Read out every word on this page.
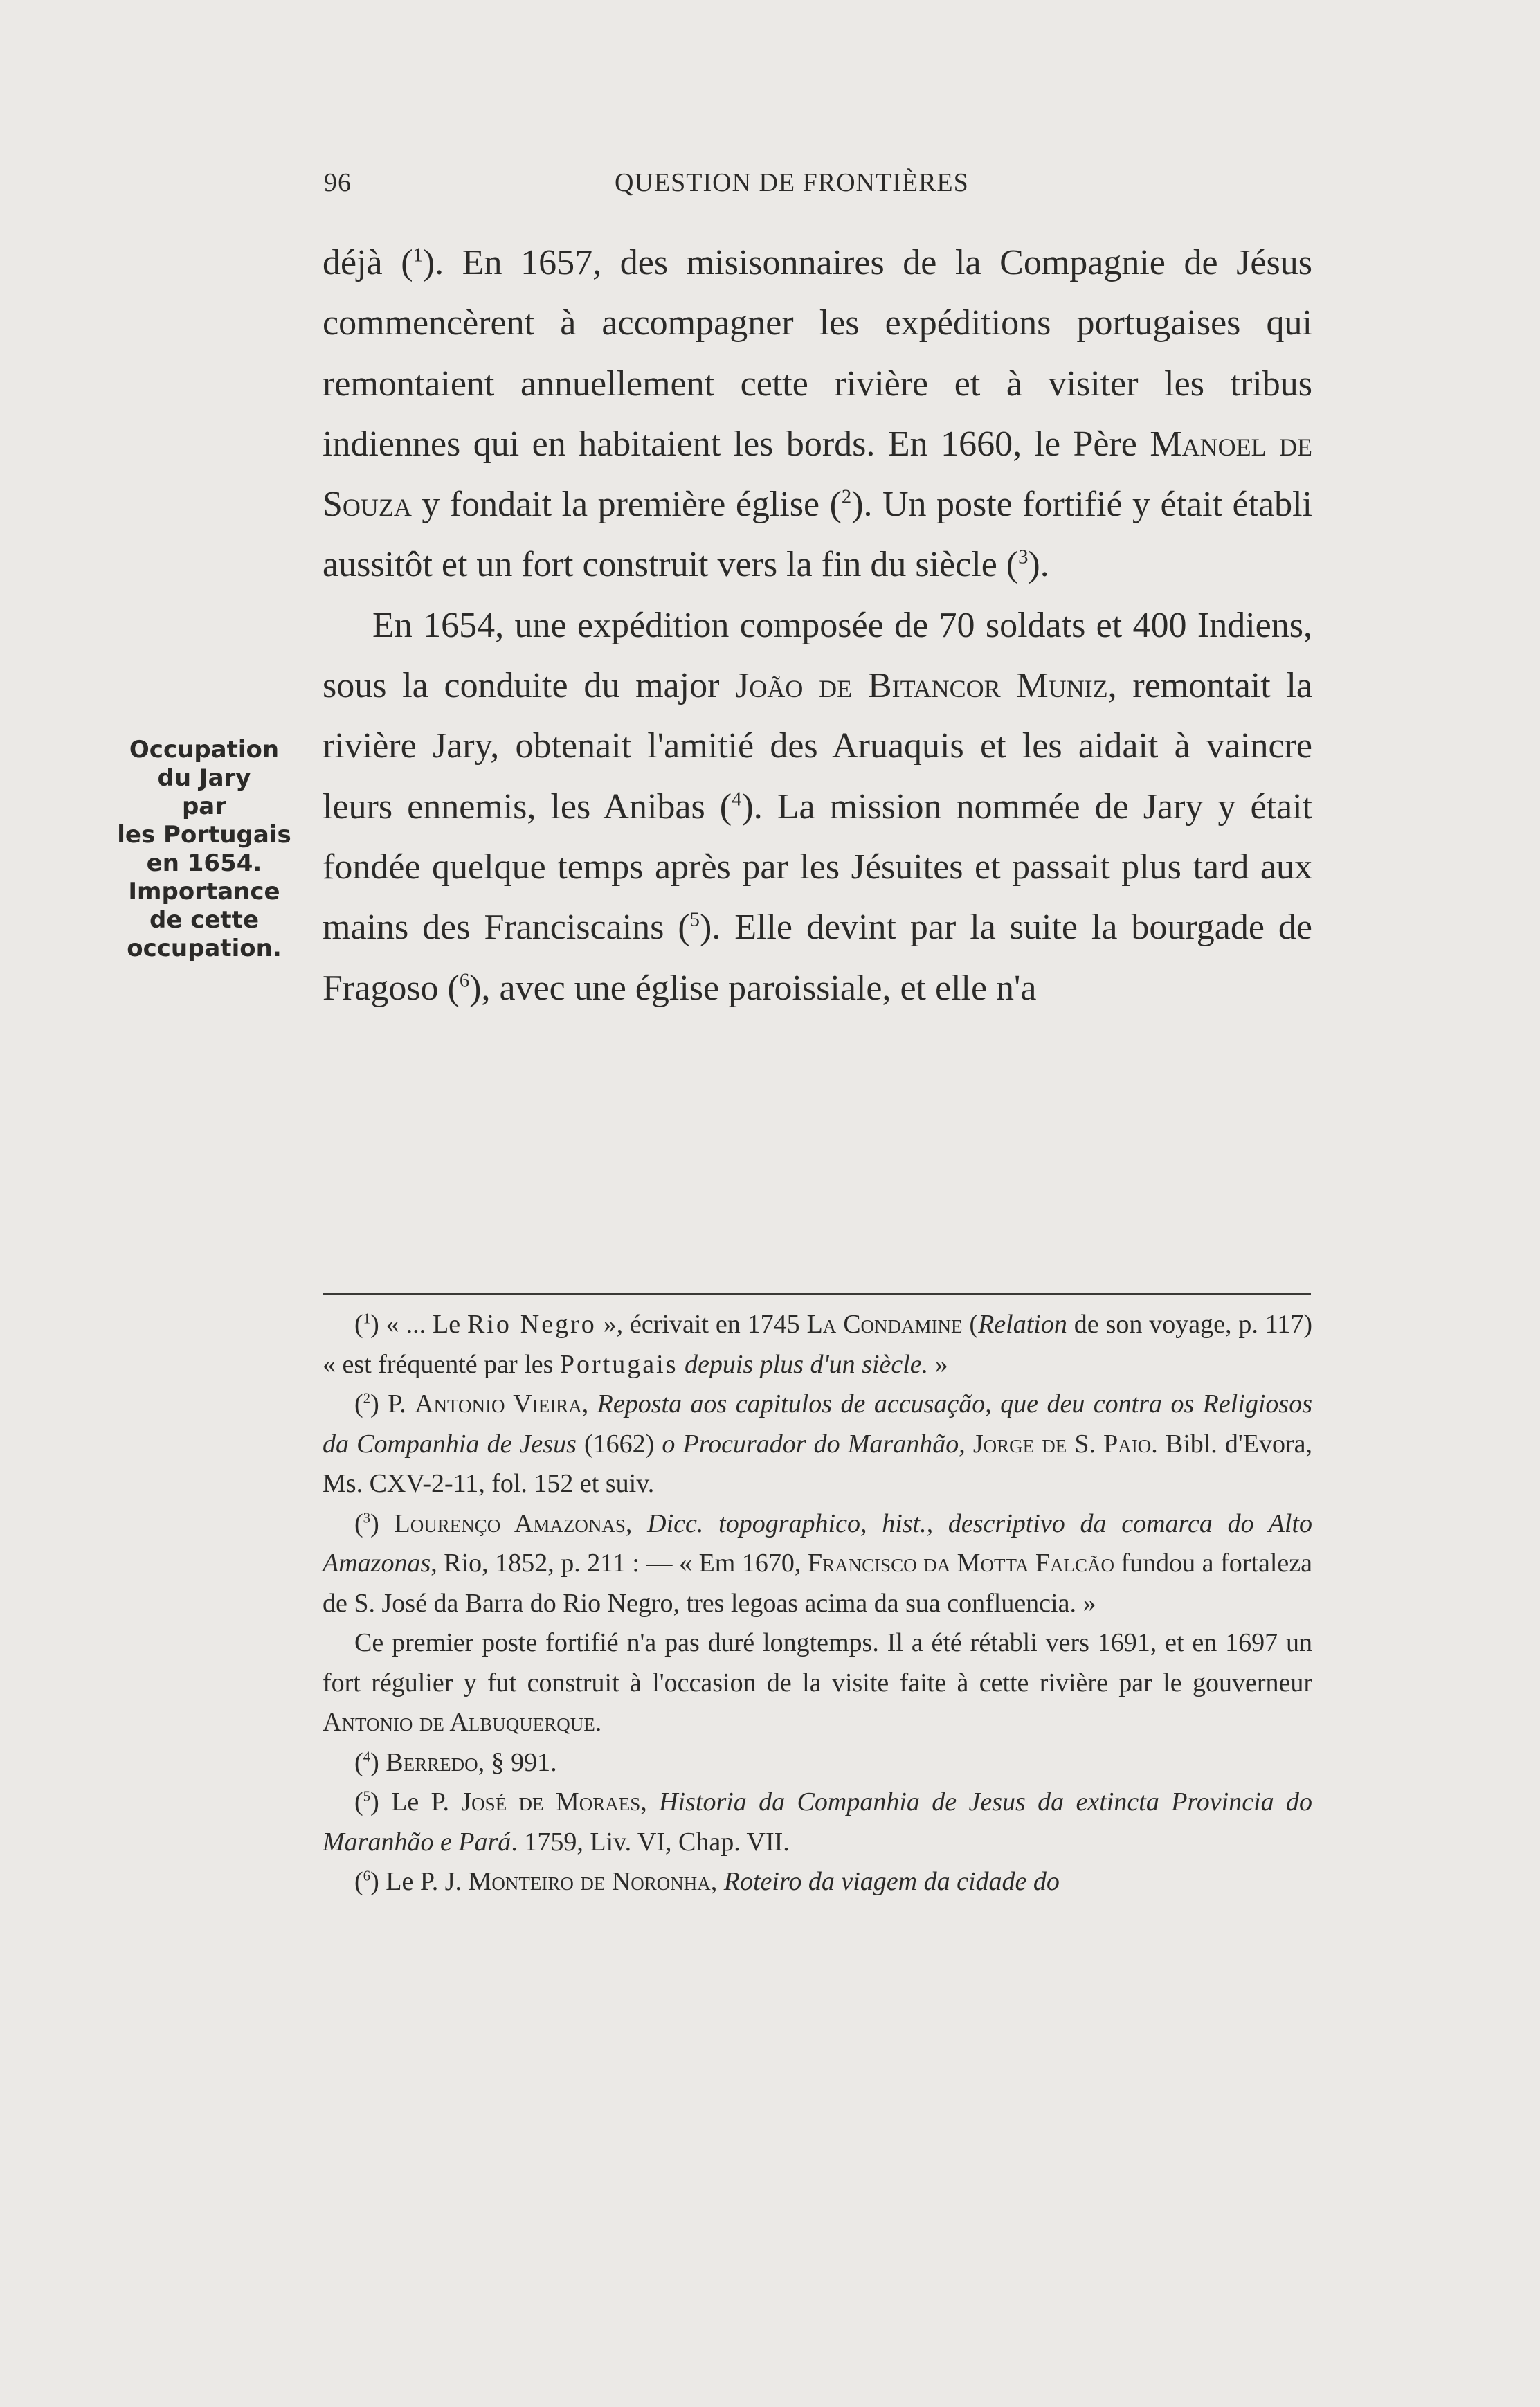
96	QUESTION DE FRONTIÈRES
Occupation
du Jary
par
les Portugais
en 1654.
Importance
de cette
occupation.

déjà ($^1$). En 1657, des misisonnaires de la Compagnie de Jésus commencèrent à accompagner les expéditions portugaises qui remontaient annuellement cette rivière et à visiter les tribus indiennes qui en habitaient les bords. En 1660, le Père Manoel de Souza y fondait la première église ($^2$). Un poste fortifié y était établi aussitôt et un fort construit vers la fin du siècle ($^3$).

En 1654, une expédition composée de 70 soldats et 400 Indiens, sous la conduite du major João de Bitancor Muniz, remontait la rivière Jary, obtenait l'amitié des Aruaquis et les aidait à vaincre leurs ennemis, les Anibas ($^4$). La mission nommée de Jary y était fondée quelque temps après par les Jésuites et passait plus tard aux mains des Franciscains ($^5$). Elle devint par la suite la bourgade de Fragoso ($^6$), avec une église paroissiale, et elle n'a

($^1$) « ... Le Rio Negro », écrivait en 1745 La Condamine (Relation de son voyage, p. 117) « est fréquenté par les Portugais depuis plus d'un siècle. »

($^2$) P. Antonio Vieira, Reposta aos capitulos de accusação, que deu contra os Religiosos da Companhia de Jesus (1662) o Procurador do Maranhão, Jorge de S. Paio. Bibl. d'Evora, Ms. CXV-2-11, fol. 152 et suiv.

($^3$) Lourenço Amazonas, Dicc. topographico, hist., descriptivo da comarca do Alto Amazonas, Rio, 1852, p. 211 : — « Em 1670, Francisco da Motta Falcão fundou a fortaleza de S. José da Barra do Rio Negro, tres legoas acima da sua confluencia. »

Ce premier poste fortifié n'a pas duré longtemps. Il a été rétabli vers 1691, et en 1697 un fort régulier y fut construit à l'occasion de la visite faite à cette rivière par le gouverneur Antonio de Albuquerque.

($^4$) Berredo, § 991.

($^5$) Le P. José de Moraes, Historia da Companhia de Jesus da extincta Provincia do Maranhão e Pará. 1759, Liv. VI, Chap. VII.

($^6$) Le P. J. Monteiro de Noronha, Roteiro da viagem da cidade do
